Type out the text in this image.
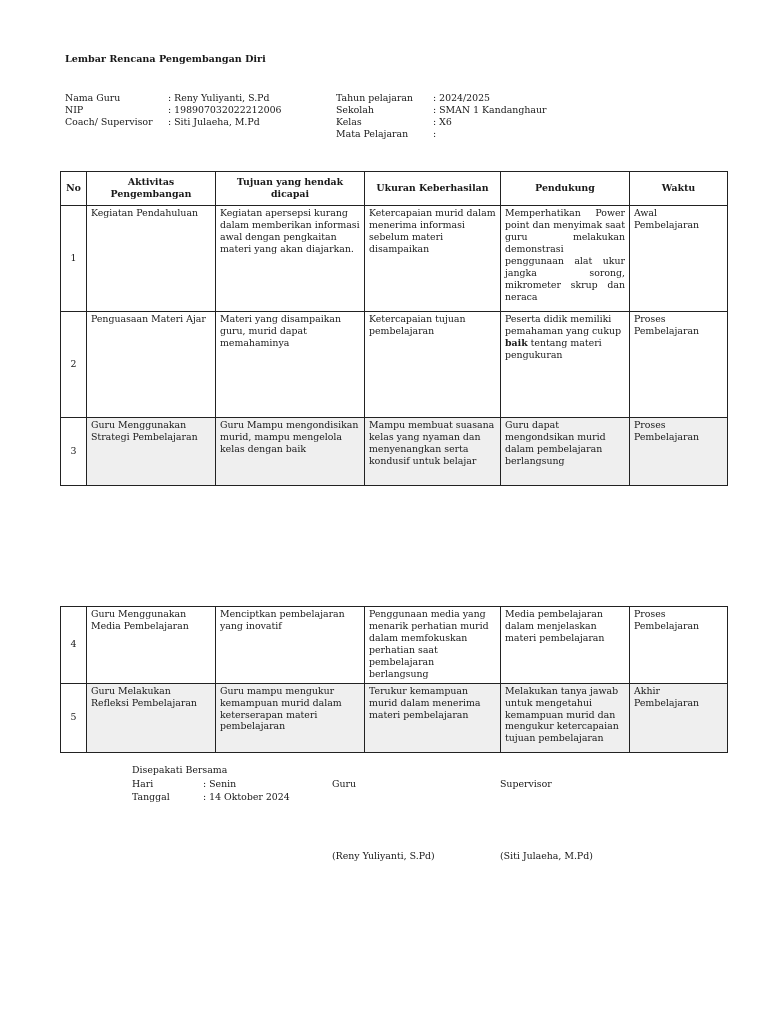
Lembar Rencana Pengembangan Diri
Nama Guru	: Reny Yuliyanti, S.Pd
NIP	: 198907032022212006
Coach/ Supervisor	: Siti Julaeha, M.Pd
Tahun pelajaran	: 2024/2025
Sekolah	: SMAN 1 Kandanghaur
Kelas	: X6
Mata Pelajaran	:
No	Aktivitas Pengembangan	Tujuan yang hendak dicapai	Ukuran Keberhasilan	Pendukung	Waktu
1	Kegiatan Pendahuluan	Kegiatan apersepsi kurang dalam memberikan informasi awal dengan pengkaitan materi yang akan diajarkan.	Ketercapaian murid dalam menerima informasi sebelum materi disampaikan	Memperhatikan Power point dan menyimak saat guru melakukan demonstrasi penggunaan alat ukur jangka sorong, mikrometer skrup dan neraca	Awal Pembelajaran
2	Penguasaan Materi Ajar	Materi yang disampaikan guru, murid dapat memahaminya	Ketercapaian tujuan pembelajaran	Peserta didik memiliki pemahaman yang cukup baik tentang materi pengukuran	Proses Pembelajaran
3	Guru Menggunakan Strategi Pembelajaran	Guru Mampu mengondisikan murid, mampu mengelola kelas dengan baik	Mampu membuat suasana kelas yang nyaman dan menyenangkan serta kondusif untuk belajar	Guru dapat mengondsikan murid dalam pembelajaran berlangsung	Proses Pembelajaran
4	Guru Menggunakan Media Pembelajaran	Menciptkan pembelajaran yang inovatif	Penggunaan media yang menarik perhatian murid dalam memfokuskan perhatian saat pembelajaran berlangsung	Media pembelajaran dalam menjelaskan materi pembelajaran	Proses Pembelajaran
5	Guru Melakukan Refleksi Pembelajaran	Guru mampu mengukur kemampuan murid dalam keterserapan materi pembelajaran	Terukur kemampuan murid dalam menerima materi pembelajaran	Melakukan tanya jawab untuk mengetahui kemampuan murid dan mengukur ketercapaian tujuan pembelajaran	Akhir Pembelajaran
Disepakati Bersama
Hari	: Senin
Tanggal	: 14 Oktober 2024
Guru	Supervisor
(Reny Yuliyanti, S.Pd)	(Siti Julaeha, M.Pd)
